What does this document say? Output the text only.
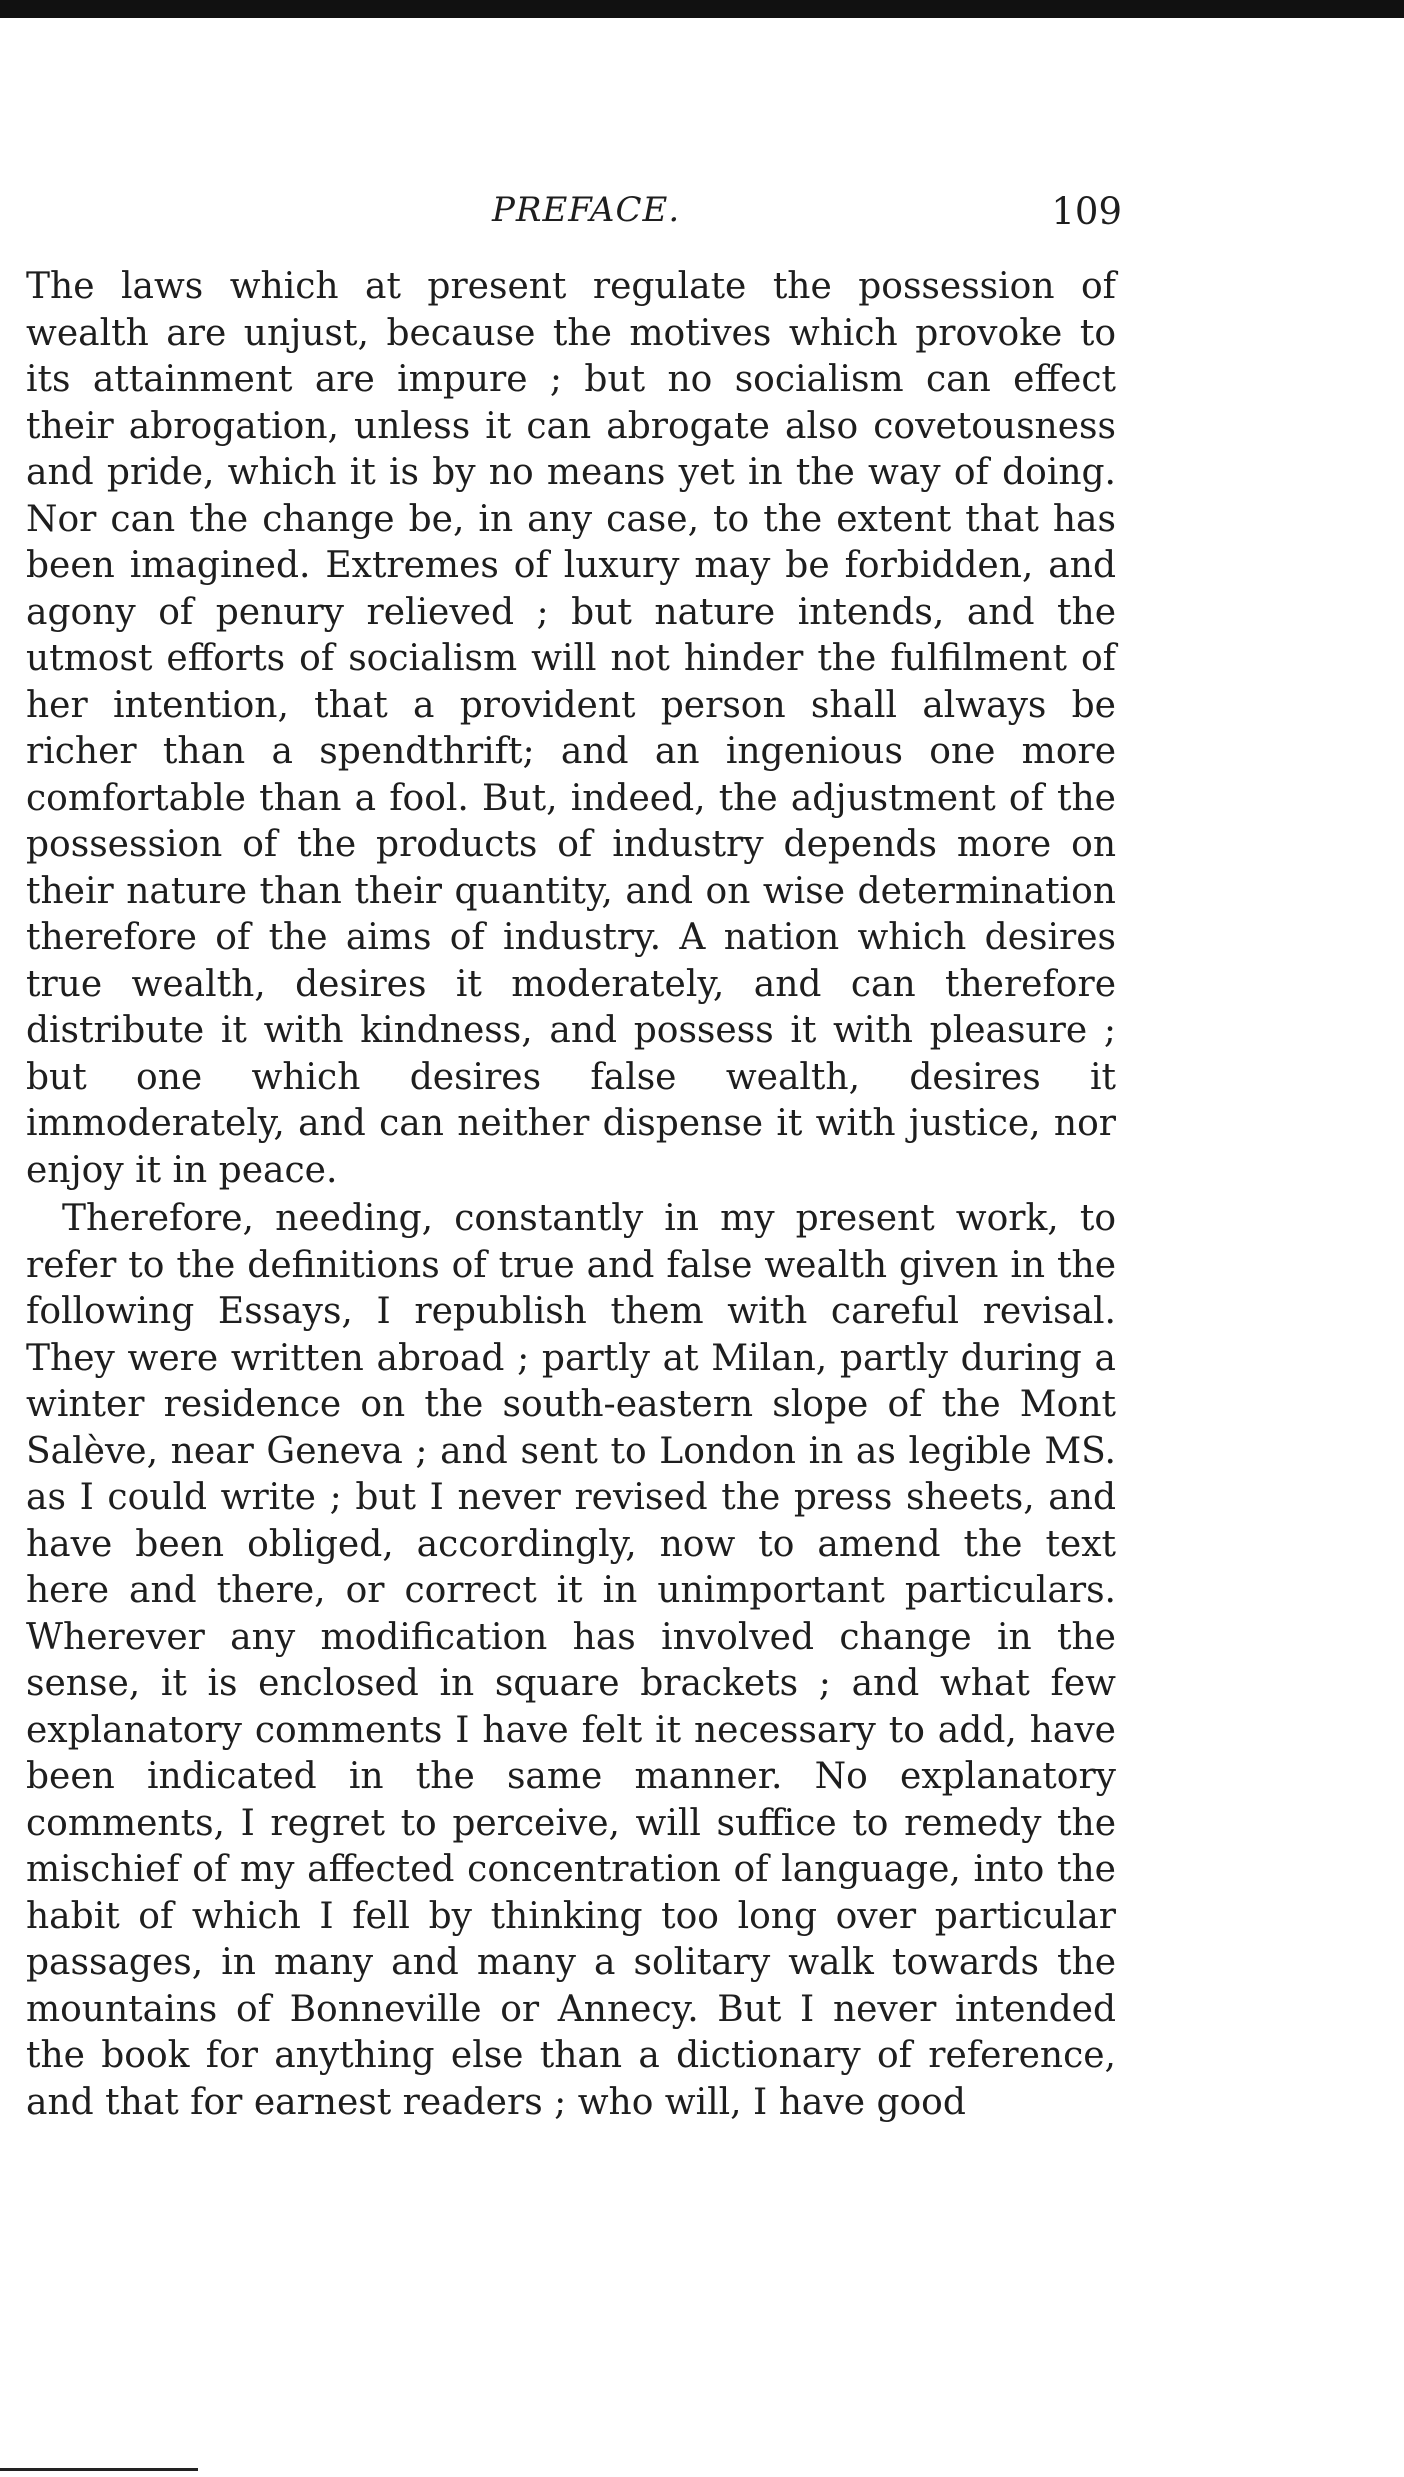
PREFACE.	109

The laws which at present regulate the possession of wealth are unjust, because the motives which provoke to its attainment are impure ; but no socialism can effect their abrogation, unless it can abrogate also covetousness and pride, which it is by no means yet in the way of doing. Nor can the change be, in any case, to the extent that has been imagined. Extremes of luxury may be forbidden, and agony of penury relieved ; but nature intends, and the utmost efforts of socialism will not hinder the fulfilment of her intention, that a provident person shall always be richer than a spendthrift; and an ingenious one more comfortable than a fool. But, indeed, the adjustment of the possession of the products of industry depends more on their nature than their quantity, and on wise determination therefore of the aims of industry. A nation which desires true wealth, desires it moderately, and can therefore distribute it with kindness, and possess it with pleasure ; but one which desires false wealth, desires it immoderately, and can neither dispense it with justice, nor enjoy it in peace.

Therefore, needing, constantly in my present work, to refer to the definitions of true and false wealth given in the following Essays, I republish them with careful revisal. They were written abroad ; partly at Milan, partly during a winter residence on the south-eastern slope of the Mont Salève, near Geneva ; and sent to London in as legible MS. as I could write ; but I never revised the press sheets, and have been obliged, accordingly, now to amend the text here and there, or correct it in unimportant particulars. Wherever any modification has involved change in the sense, it is enclosed in square brackets ; and what few explanatory comments I have felt it necessary to add, have been indicated in the same manner. No explanatory comments, I regret to perceive, will suffice to remedy the mischief of my affected concentration of language, into the habit of which I fell by thinking too long over particular passages, in many and many a solitary walk towards the mountains of Bonneville or Annecy. But I never intended the book for anything else than a dictionary of reference, and that for earnest readers ; who will, I have good
